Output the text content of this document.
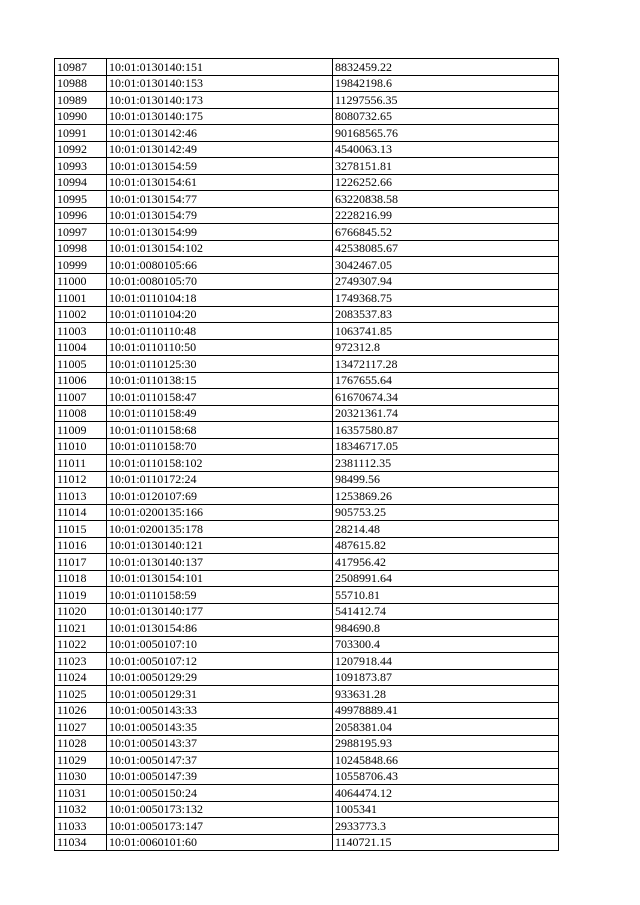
10987	10:01:0130140:151	8832459.22
10988	10:01:0130140:153	19842198.6
10989	10:01:0130140:173	11297556.35
10990	10:01:0130140:175	8080732.65
10991	10:01:0130142:46	90168565.76
10992	10:01:0130142:49	4540063.13
10993	10:01:0130154:59	3278151.81
10994	10:01:0130154:61	1226252.66
10995	10:01:0130154:77	63220838.58
10996	10:01:0130154:79	2228216.99
10997	10:01:0130154:99	6766845.52
10998	10:01:0130154:102	42538085.67
10999	10:01:0080105:66	3042467.05
11000	10:01:0080105:70	2749307.94
11001	10:01:0110104:18	1749368.75
11002	10:01:0110104:20	2083537.83
11003	10:01:0110110:48	1063741.85
11004	10:01:0110110:50	972312.8
11005	10:01:0110125:30	13472117.28
11006	10:01:0110138:15	1767655.64
11007	10:01:0110158:47	61670674.34
11008	10:01:0110158:49	20321361.74
11009	10:01:0110158:68	16357580.87
11010	10:01:0110158:70	18346717.05
11011	10:01:0110158:102	2381112.35
11012	10:01:0110172:24	98499.56
11013	10:01:0120107:69	1253869.26
11014	10:01:0200135:166	905753.25
11015	10:01:0200135:178	28214.48
11016	10:01:0130140:121	487615.82
11017	10:01:0130140:137	417956.42
11018	10:01:0130154:101	2508991.64
11019	10:01:0110158:59	55710.81
11020	10:01:0130140:177	541412.74
11021	10:01:0130154:86	984690.8
11022	10:01:0050107:10	703300.4
11023	10:01:0050107:12	1207918.44
11024	10:01:0050129:29	1091873.87
11025	10:01:0050129:31	933631.28
11026	10:01:0050143:33	49978889.41
11027	10:01:0050143:35	2058381.04
11028	10:01:0050143:37	2988195.93
11029	10:01:0050147:37	10245848.66
11030	10:01:0050147:39	10558706.43
11031	10:01:0050150:24	4064474.12
11032	10:01:0050173:132	1005341
11033	10:01:0050173:147	2933773.3
11034	10:01:0060101:60	1140721.15
